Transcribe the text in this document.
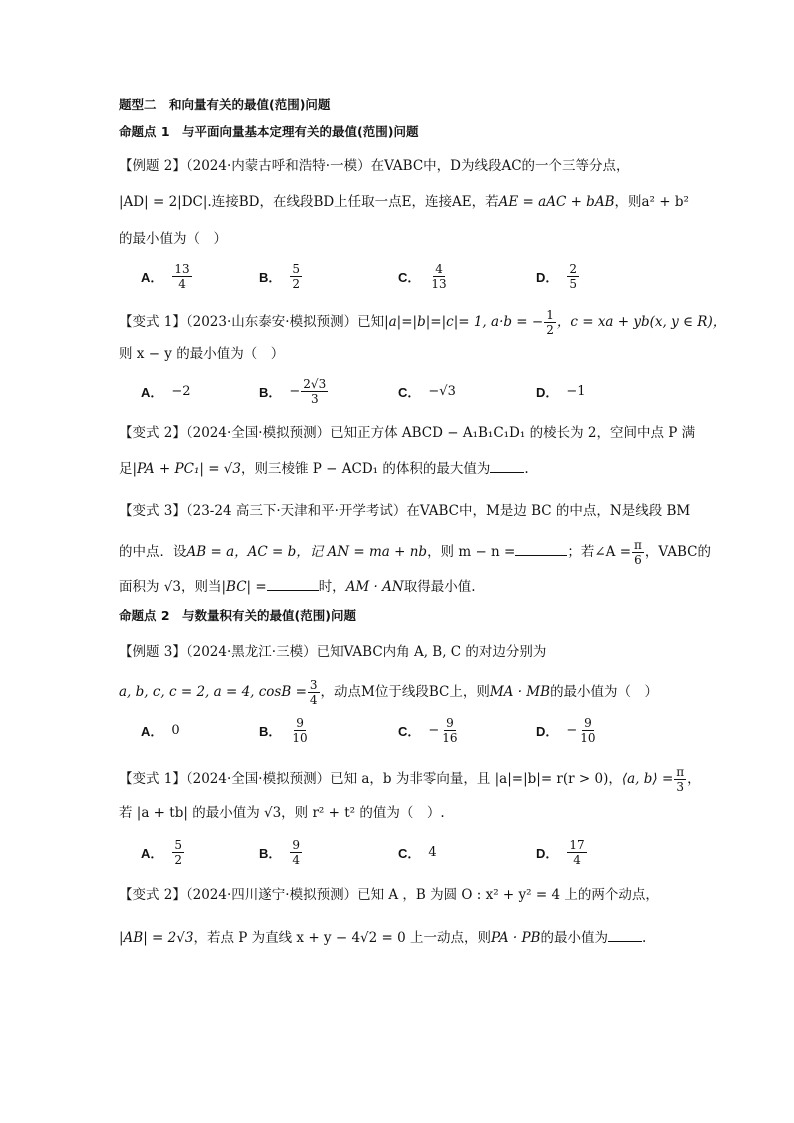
题型二　和向量有关的最值(范围)问题
命题点 1　与平面向量基本定理有关的最值(范围)问题
【例题 2】（2024·内蒙古呼和浩特·一模）在VABC中，D为线段AC的一个三等分点，
|AD| = 2|DC|.连接BD，在线段BD上任取一点E，连接AE，若AE = aAC + bAB，则a² + b²
的最小值为（　）
A． $\frac{13}{4}$	B． $\frac{5}{2}$	C． $\frac{4}{13}$	D． $\frac{2}{5}$
【变式 1】（2023·山东泰安·模拟预测）已知|a|=|b|=|c|= 1, a·b = − $\frac{1}{2}$ ，c = xa + yb(x, y ∈ R)，
则 x − y 的最小值为（　）
A． −2	B． − $\frac{2√3}{3}$	C． −√3	D． −1
【变式 2】（2024·全国·模拟预测）已知正方体 ABCD − A₁B₁C₁D₁ 的棱长为 2，空间中点 P 满
足|PA + PC₁| = √3，则三棱锥 P − ACD₁ 的体积的最大值为	.
【变式 3】（23-24 高三下·天津和平·开学考试）在VABC中，M是边 BC 的中点，N是线段 BM
的中点．设AB = a，AC = b，记 AN = ma + nb，则 m − n =	；若∠A = $\frac{\pi}{6}$ ，VABC的
面积为 √3，则当|BC| =	时，AM · AN取得最小值.
命题点 2　与数量积有关的最值(范围)问题
【例题 3】（2024·黑龙江·三模）已知VABC内角 A, B, C 的对边分别为
a, b, c, c = 2, a = 4, $\cos B = \frac{3}{4}$ ，动点M位于线段BC上，则MA · MB的最小值为（　）
A． 0	B． $\frac{9}{10}$	C． − $\frac{9}{16}$	D． − $\frac{9}{10}$
【变式 1】（2024·全国·模拟预测）已知 a，b 为非零向量，且 |a|=|b|= r(r > 0)，⟨a, b⟩ = $\frac{\pi}{3}$ ，
若 |a + tb| 的最小值为 √3，则 r² + t² 的值为（　）.
A． $\frac{5}{2}$	B． $\frac{9}{4}$	C． 4	D． $\frac{17}{4}$
【变式 2】（2024·四川遂宁·模拟预测）已知 A ，B 为圆 O : x² + y² = 4 上的两个动点，
|AB| = 2√3，若点 P 为直线 x + y − 4√2 = 0 上一动点，则PA · PB的最小值为	.
